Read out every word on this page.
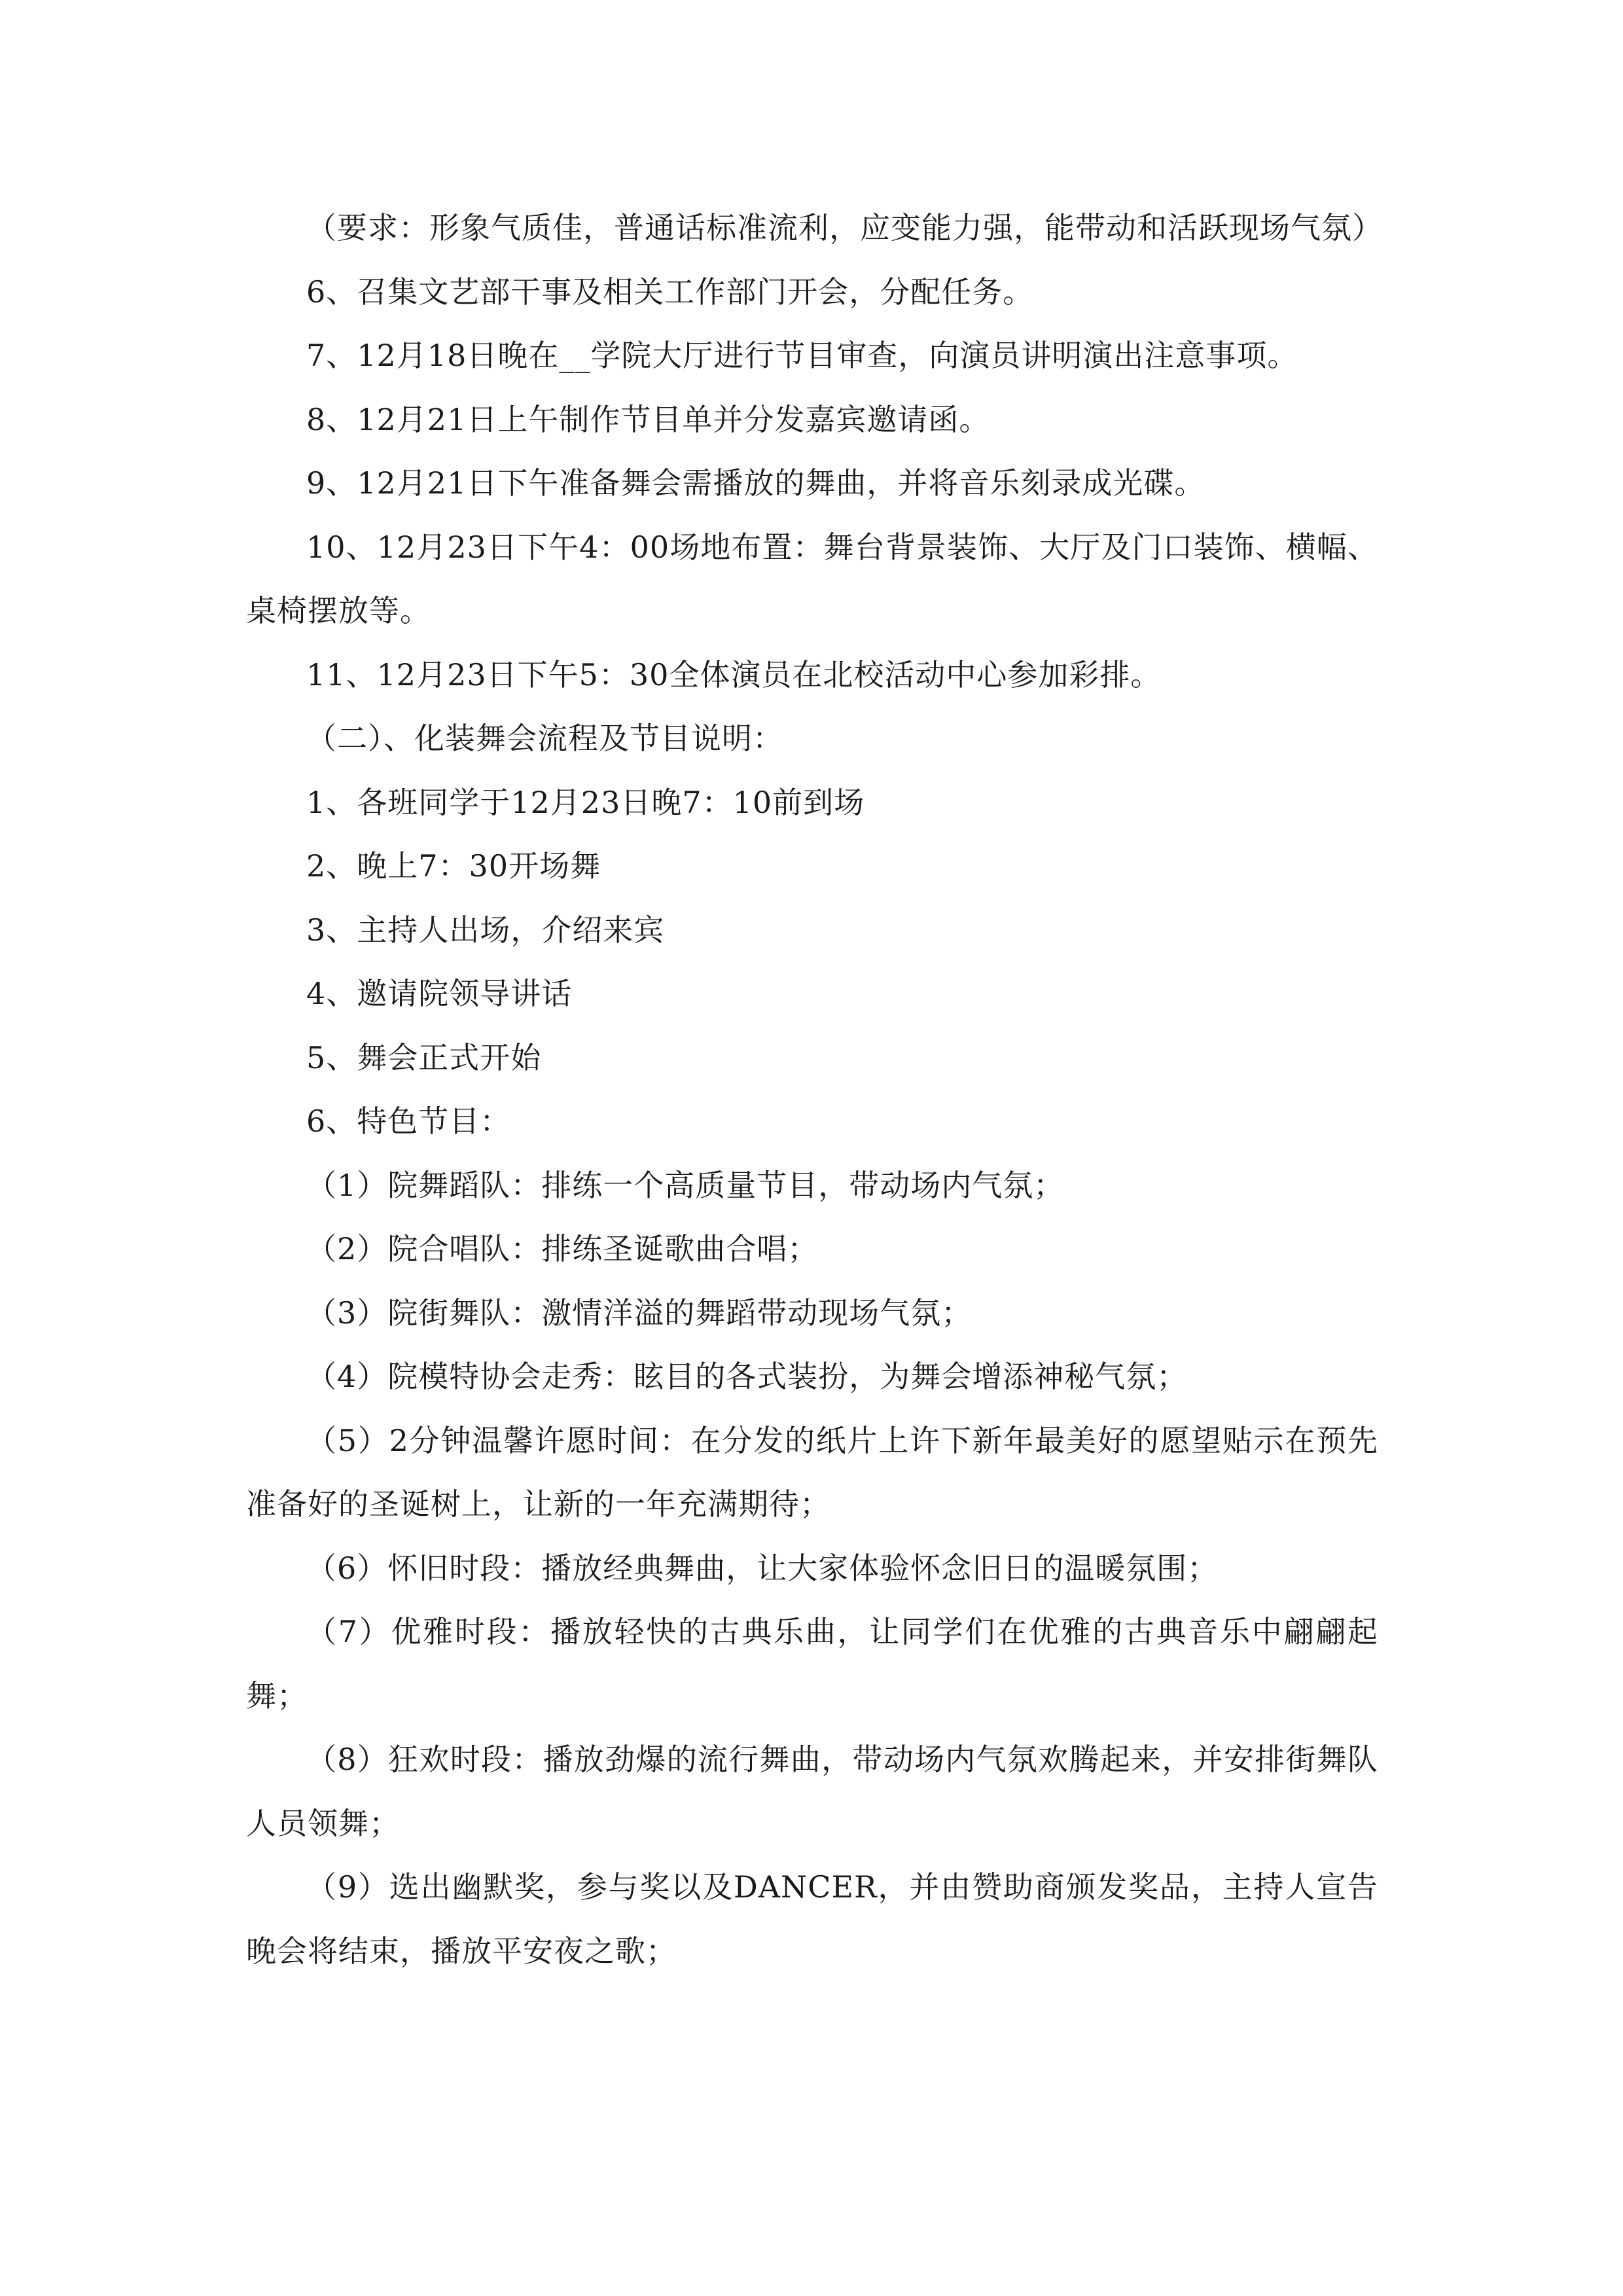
（要求：形象气质佳，普通话标准流利，应变能力强，能带动和活跃现场气氛）

6、召集文艺部干事及相关工作部门开会，分配任务。

7、12月18日晚在__学院大厅进行节目审查，向演员讲明演出注意事项。

8、12月21日上午制作节目单并分发嘉宾邀请函。

9、12月21日下午准备舞会需播放的舞曲，并将音乐刻录成光碟。

10、12月23日下午4：00场地布置：舞台背景装饰、大厅及门口装饰、横幅、桌椅摆放等。

11、12月23日下午5：30全体演员在北校活动中心参加彩排。

（二）、化装舞会流程及节目说明：

1、各班同学于12月23日晚7：10前到场

2、晚上7：30开场舞

3、主持人出场，介绍来宾

4、邀请院领导讲话

5、舞会正式开始

6、特色节目：

（1）院舞蹈队：排练一个高质量节目，带动场内气氛；

（2）院合唱队：排练圣诞歌曲合唱；

（3）院街舞队：激情洋溢的舞蹈带动现场气氛；

（4）院模特协会走秀：眩目的各式装扮，为舞会增添神秘气氛；

（5）2分钟温馨许愿时间：在分发的纸片上许下新年最美好的愿望贴示在预先准备好的圣诞树上，让新的一年充满期待；

（6）怀旧时段：播放经典舞曲，让大家体验怀念旧日的温暖氛围；

（7）优雅时段：播放轻快的古典乐曲，让同学们在优雅的古典音乐中翩翩起舞；

（8）狂欢时段：播放劲爆的流行舞曲，带动场内气氛欢腾起来，并安排街舞队人员领舞；

（9）选出幽默奖，参与奖以及DANCER，并由赞助商颁发奖品，主持人宣告晚会将结束，播放平安夜之歌；
